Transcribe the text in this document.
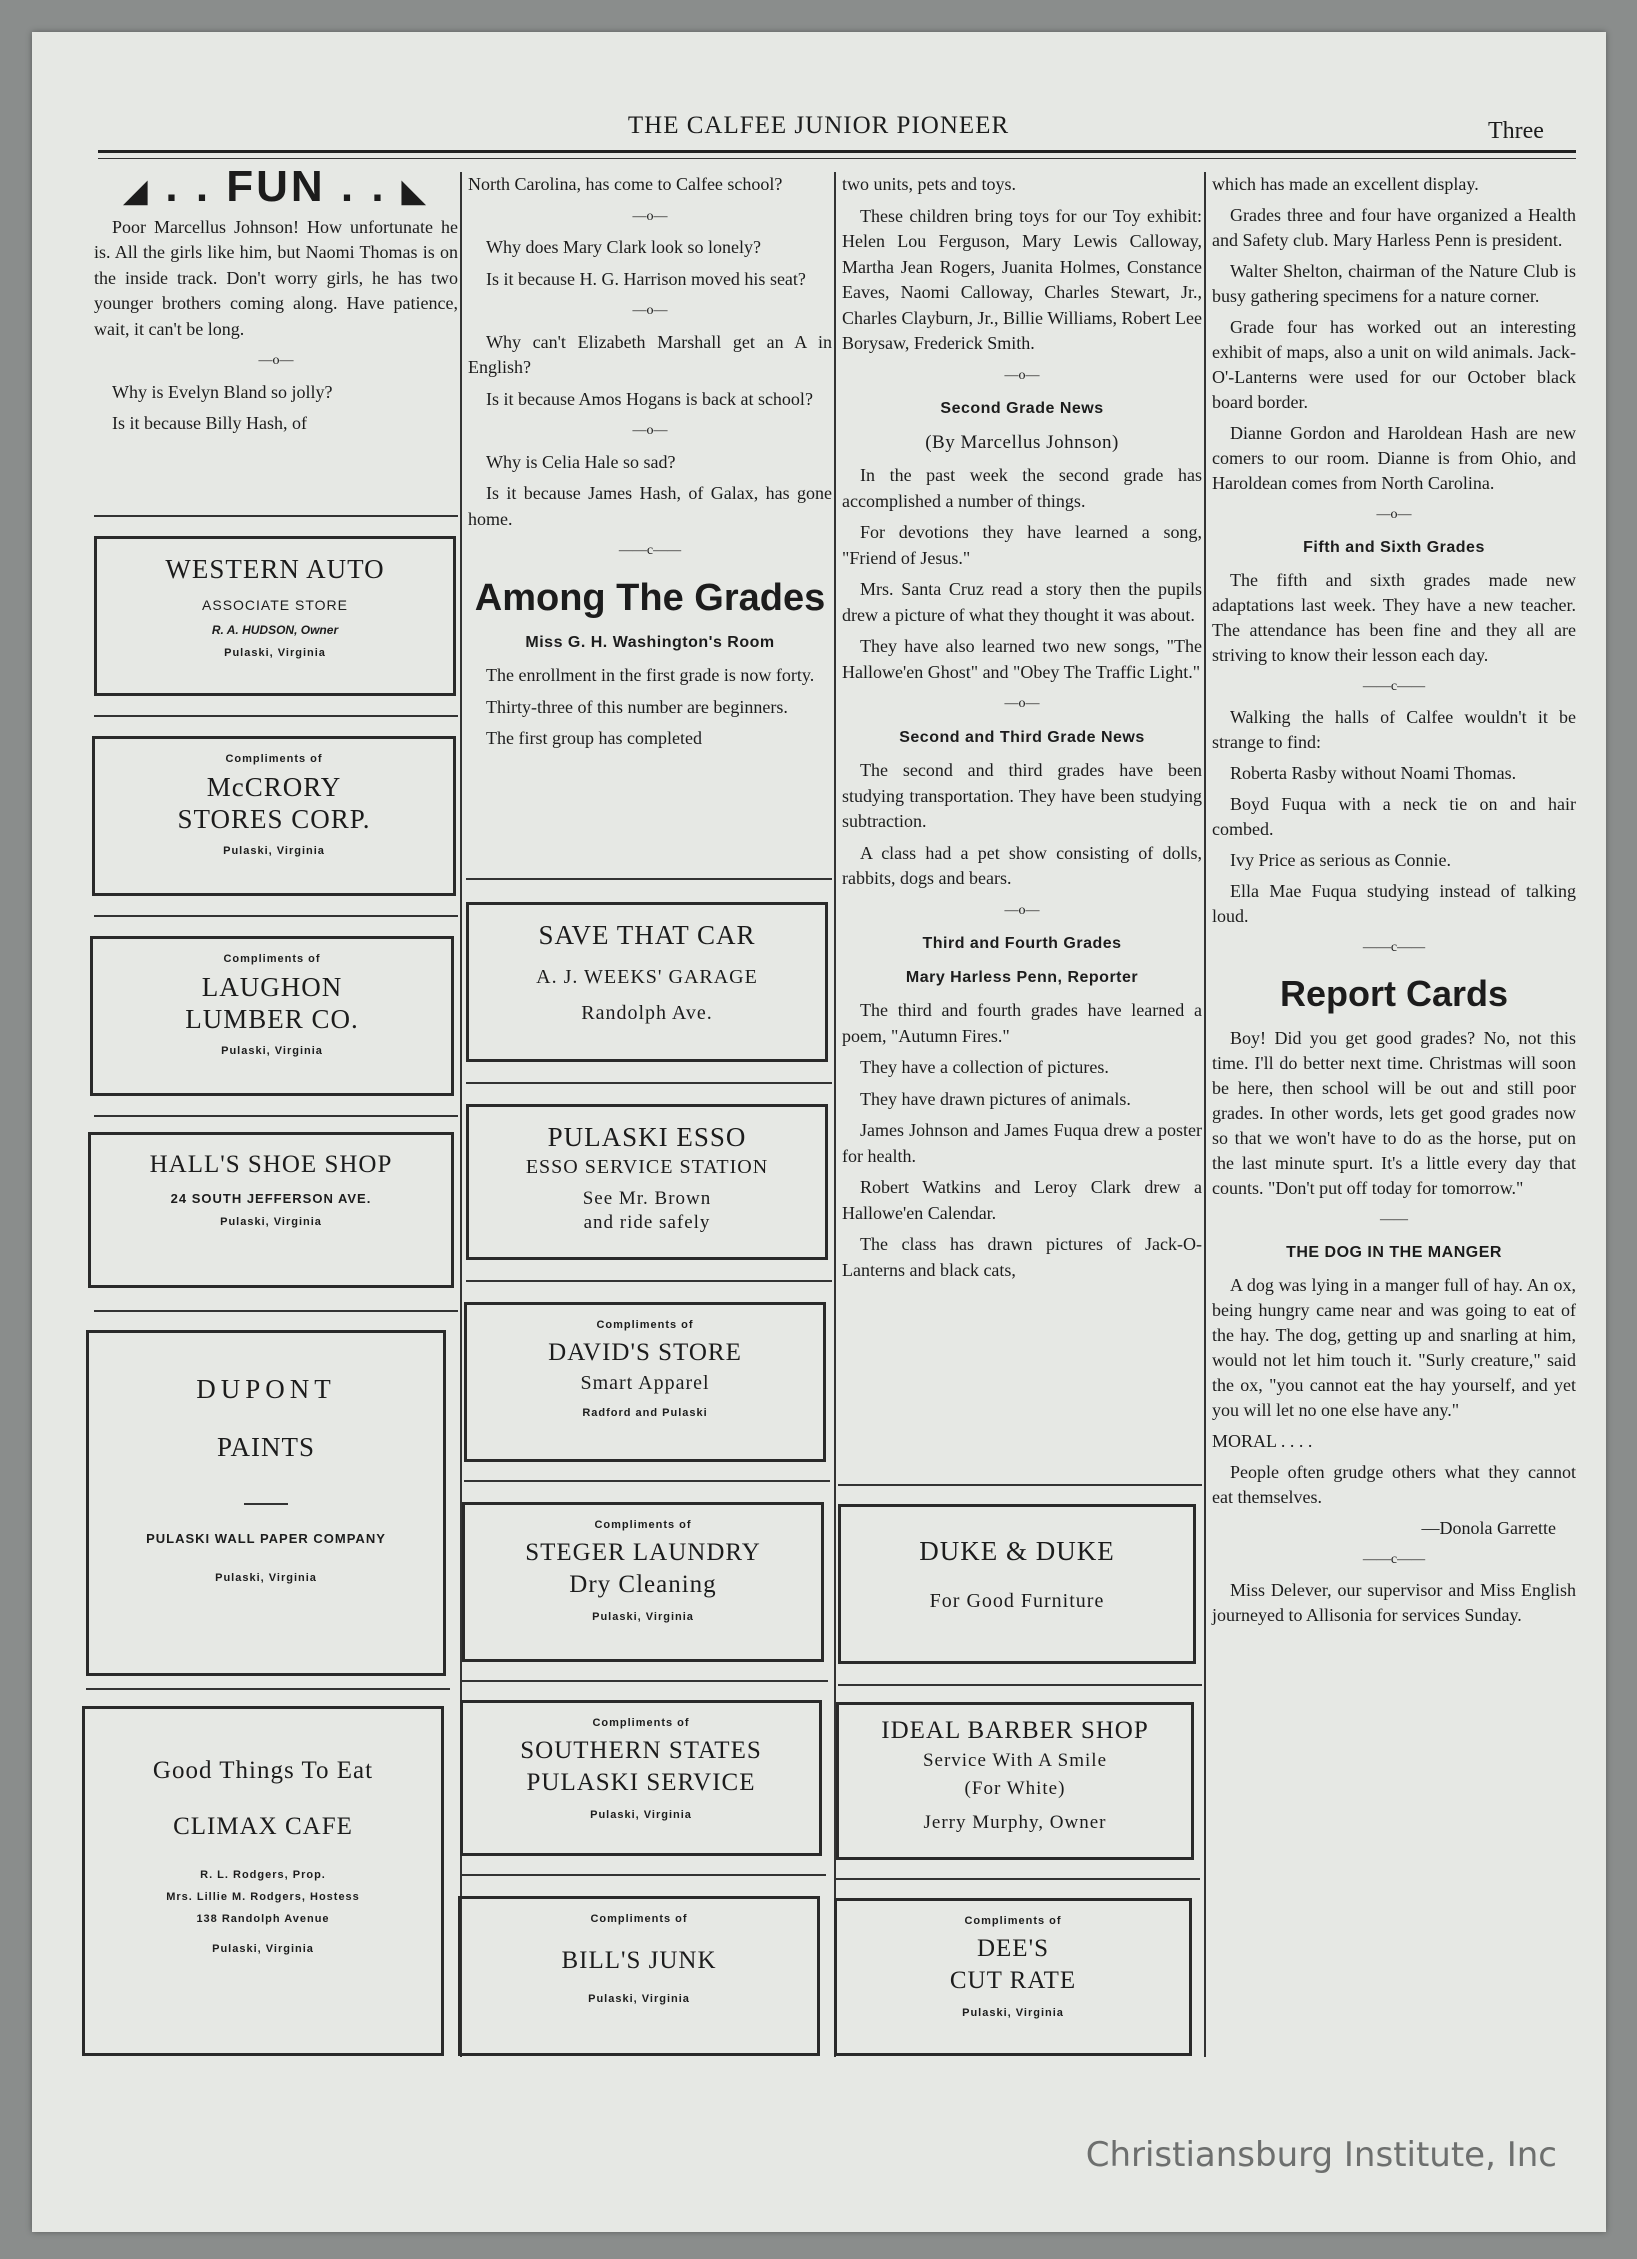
THE CALFEE JUNIOR PIONEER	Three
◢ . . FUN . . ◣

Poor Marcellus Johnson! How unfortunate he is. All the girls like him, but Naomi Thomas is on the inside track. Don't worry girls, he has two younger brothers coming along. Have patience, wait, it can't be long.

—o—

Why is Evelyn Bland so jolly?

Is it because Billy Hash, of

WESTERN AUTO
ASSOCIATE STORE
R. A. HUDSON, Owner
Pulaski, Virginia
Compliments of
McCRORY
STORES CORP.
Pulaski, Virginia
Compliments of
LAUGHON
LUMBER CO.
Pulaski, Virginia
HALL'S SHOE SHOP
24 SOUTH JEFFERSON AVE.
Pulaski, Virginia
DUPONT
PAINTS
PULASKI WALL PAPER COMPANY
Pulaski, Virginia
Good Things To Eat
CLIMAX CAFE
R. L. Rodgers, Prop.
Mrs. Lillie M. Rodgers, Hostess
138 Randolph Avenue
Pulaski, Virginia

North Carolina, has come to Calfee school?

—o—

Why does Mary Clark look so lonely?

Is it because H. G. Harrison moved his seat?

—o—

Why can't Elizabeth Marshall get an A in English?

Is it because Amos Hogans is back at school?

—o—

Why is Celia Hale so sad?

Is it because James Hash, of Galax, has gone home.

——c——
Among The Grades
Miss G. H. Washington's Room

The enrollment in the first grade is now forty.

Thirty-three of this number are beginners.

The first group has completed

SAVE THAT CAR
A. J. WEEKS' GARAGE
Randolph Ave.
PULASKI ESSO
ESSO SERVICE STATION
See Mr. Brown
and ride safely
Compliments of
DAVID'S STORE
Smart Apparel
Radford and Pulaski
Compliments of
STEGER LAUNDRY
Dry Cleaning
Pulaski, Virginia
Compliments of
SOUTHERN STATES
PULASKI SERVICE
Pulaski, Virginia
Compliments of
BILL'S JUNK
Pulaski, Virginia

two units, pets and toys.

These children bring toys for our Toy exhibit: Helen Lou Ferguson, Mary Lewis Calloway, Martha Jean Rogers, Juanita Holmes, Constance Eaves, Naomi Calloway, Charles Stewart, Jr., Charles Clayburn, Jr., Billie Williams, Robert Lee Borysaw, Frederick Smith.

—o—
Second Grade News
(By Marcellus Johnson)

In the past week the second grade has accomplished a number of things.

For devotions they have learned a song, "Friend of Jesus."

Mrs. Santa Cruz read a story then the pupils drew a picture of what they thought it was about.

They have also learned two new songs, "The Hallowe'en Ghost" and "Obey The Traffic Light."

—o—
Second and Third Grade News

The second and third grades have been studying transportation. They have been studying subtraction.

A class had a pet show consisting of dolls, rabbits, dogs and bears.

—o—
Third and Fourth Grades
Mary Harless Penn, Reporter

The third and fourth grades have learned a poem, "Autumn Fires."

They have a collection of pictures.

They have drawn pictures of animals.

James Johnson and James Fuqua drew a poster for health.

Robert Watkins and Leroy Clark drew a Hallowe'en Calendar.

The class has drawn pictures of Jack-O-Lanterns and black cats,

DUKE & DUKE
For Good Furniture
IDEAL BARBER SHOP
Service With A Smile
(For White)
Jerry Murphy, Owner
Compliments of
DEE'S
CUT RATE
Pulaski, Virginia

which has made an excellent display.

Grades three and four have organized a Health and Safety club. Mary Harless Penn is president.

Walter Shelton, chairman of the Nature Club is busy gathering specimens for a nature corner.

Grade four has worked out an interesting exhibit of maps, also a unit on wild animals. Jack-O'-Lanterns were used for our October black board border.

Dianne Gordon and Haroldean Hash are new comers to our room. Dianne is from Ohio, and Haroldean comes from North Carolina.

—o—
Fifth and Sixth Grades

The fifth and sixth grades made new adaptations last week. They have a new teacher. The attendance has been fine and they all are striving to know their lesson each day.

——c——

Walking the halls of Calfee wouldn't it be strange to find:

Roberta Rasby without Noami Thomas.

Boyd Fuqua with a neck tie on and hair combed.

Ivy Price as serious as Connie.

Ella Mae Fuqua studying instead of talking loud.

——c——
Report Cards

Boy! Did you get good grades? No, not this time. I'll do better next time. Christmas will soon be here, then school will be out and still poor grades. In other words, lets get good grades now so that we won't have to do as the horse, put on the last minute spurt. It's a little every day that counts. "Don't put off today for tomorrow."

——
THE DOG IN THE MANGER

A dog was lying in a manger full of hay. An ox, being hungry came near and was going to eat of the hay. The dog, getting up and snarling at him, would not let him touch it. "Surly creature," said the ox, "you cannot eat the hay yourself, and yet you will let no one else have any."

MORAL . . . .

People often grudge others what they cannot eat themselves.

—Donola Garrette

——c——

Miss Delever, our supervisor and Miss English journeyed to Allisonia for services Sunday.

Christiansburg Institute, Inc
